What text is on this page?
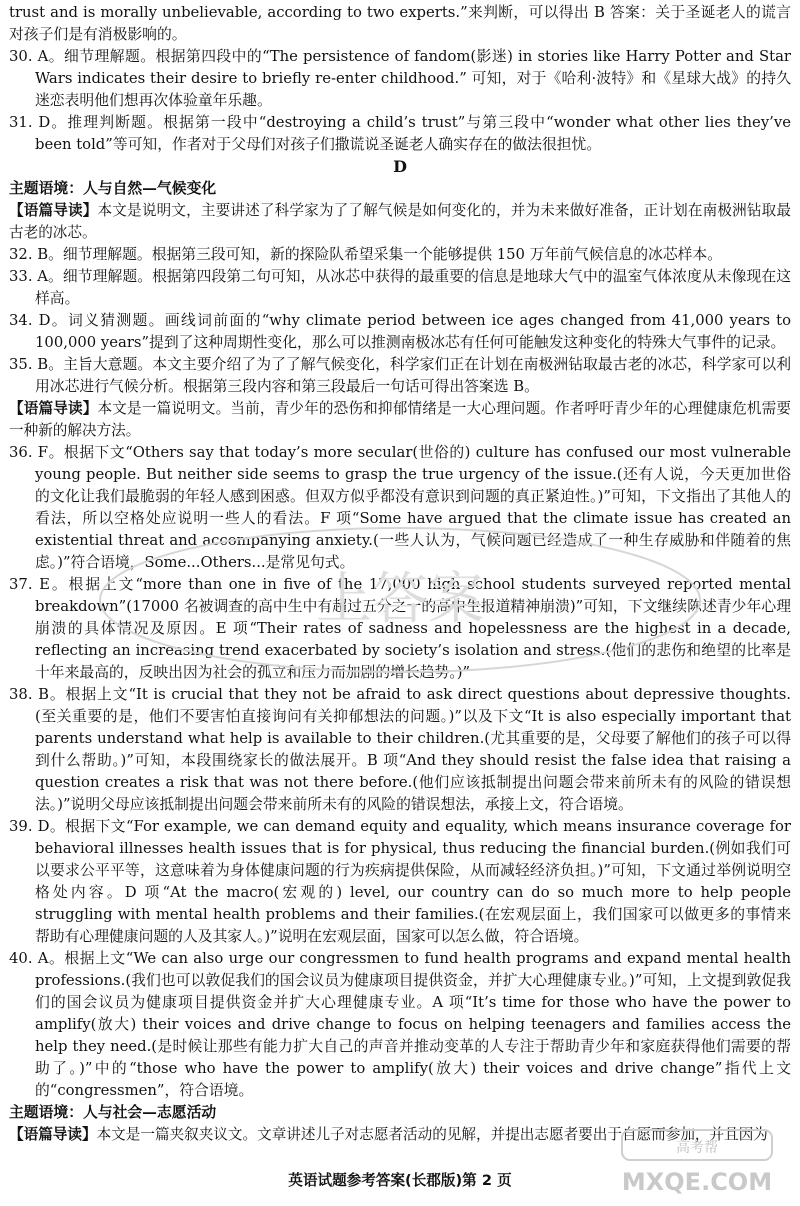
trust and is morally unbelievable, according to two experts.”来判断，可以得出 B 答案：关于圣诞老人的谎言对孩子们是有消极影响的。

30. A。细节理解题。根据第四段中的“The persistence of fandom(影迷) in stories like Harry Potter and Star Wars indicates their desire to briefly re-enter childhood.” 可知，对于《哈利·波特》和《星球大战》的持久迷恋表明他们想再次体验童年乐趣。

31. D。推理判断题。根据第一段中“destroying a child’s trust”与第三段中“wonder what other lies they’ve been told”等可知，作者对于父母们对孩子们撒谎说圣诞老人确实存在的做法很担忧。

D

主题语境：人与自然—气候变化

【语篇导读】本文是说明文，主要讲述了科学家为了了解气候是如何变化的，并为未来做好准备，正计划在南极洲钻取最古老的冰芯。

32. B。细节理解题。根据第三段可知，新的探险队希望采集一个能够提供 150 万年前气候信息的冰芯样本。

33. A。细节理解题。根据第四段第二句可知，从冰芯中获得的最重要的信息是地球大气中的温室气体浓度从未像现在这样高。

34. D。词义猜测题。画线词前面的“why climate period between ice ages changed from 41,000 years to 100,000 years”提到了这种周期性变化，那么可以推测南极冰芯有任何可能触发这种变化的特殊大气事件的记录。

35. B。主旨大意题。本文主要介绍了为了了解气候变化，科学家们正在计划在南极洲钻取最古老的冰芯，科学家可以利用冰芯进行气候分析。根据第三段内容和第三段最后一句话可得出答案选 B。

【语篇导读】本文是一篇说明文。当前，青少年的恐伤和抑郁情绪是一大心理问题。作者呼吁青少年的心理健康危机需要一种新的解决方法。

36. F。根据下文“Others say that today’s more secular(世俗的) culture has confused our most vulnerable young people. But neither side seems to grasp the true urgency of the issue.(还有人说，今天更加世俗的文化让我们最脆弱的年轻人感到困惑。但双方似乎都没有意识到问题的真正紧迫性。)”可知，下文指出了其他人的看法，所以空格处应说明一些人的看法。F 项“Some have argued that the climate issue has created an existential threat and accompanying anxiety.(一些人认为，气候问题已经造成了一种生存威胁和伴随着的焦虑。)”符合语境，Some...Others...是常见句式。

37. E。根据上文“more than one in five of the 17,000 high school students surveyed reported mental breakdown”(17000 名被调查的高中生中有超过五分之一的高中生报道精神崩溃)”可知，下文继续陈述青少年心理崩溃的具体情况及原因。E 项“Their rates of sadness and hopelessness are the highest in a decade, reflecting an increasing trend exacerbated by society’s isolation and stress.(他们的悲伤和绝望的比率是十年来最高的，反映出因为社会的孤立和压力而加剧的增长趋势。)”

38. B。根据上文“It is crucial that they not be afraid to ask direct questions about depressive thoughts.(至关重要的是，他们不要害怕直接询问有关抑郁想法的问题。)”以及下文“It is also especially important that parents understand what help is available to their children.(尤其重要的是，父母要了解他们的孩子可以得到什么帮助。)”可知，本段围绕家长的做法展开。B 项“And they should resist the false idea that raising a question creates a risk that was not there before.(他们应该抵制提出问题会带来前所未有的风险的错误想法。)”说明父母应该抵制提出问题会带来前所未有的风险的错误想法，承接上文，符合语境。

39. D。根据下文“For example, we can demand equity and equality, which means insurance coverage for behavioral illnesses health issues that is for physical, thus reducing the financial burden.(例如我们可以要求公平平等，这意味着为身体健康问题的行为疾病提供保险，从而减轻经济负担。)”可知，下文通过举例说明空格处内容。D 项“At the macro(宏观的) level, our country can do so much more to help people struggling with mental health problems and their families.(在宏观层面上，我们国家可以做更多的事情来帮助有心理健康问题的人及其家人。)”说明在宏观层面，国家可以怎么做，符合语境。

40. A。根据上文“We can also urge our congressmen to fund health programs and expand mental health professions.(我们也可以敦促我们的国会议员为健康项目提供资金，并扩大心理健康专业。)”可知，上文提到敦促我们的国会议员为健康项目提供资金并扩大心理健康专业。A 项“It’s time for those who have the power to amplify(放大) their voices and drive change to focus on helping teenagers and families access the help they need.(是时候让那些有能力扩大自己的声音并推动变革的人专注于帮助青少年和家庭获得他们需要的帮助了。)”中的“those who have the power to amplify(放大) their voices and drive change”指代上文的“congressmen”，符合语境。

主题语境：人与社会—志愿活动

【语篇导读】本文是一篇夹叙夹议文。文章讲述儿子对志愿者活动的见解，并提出志愿者要出于自愿而参加，并且因为

上答案
英语试题参考答案(长郡版)第 2 页
高考帮
MXQE.COM
